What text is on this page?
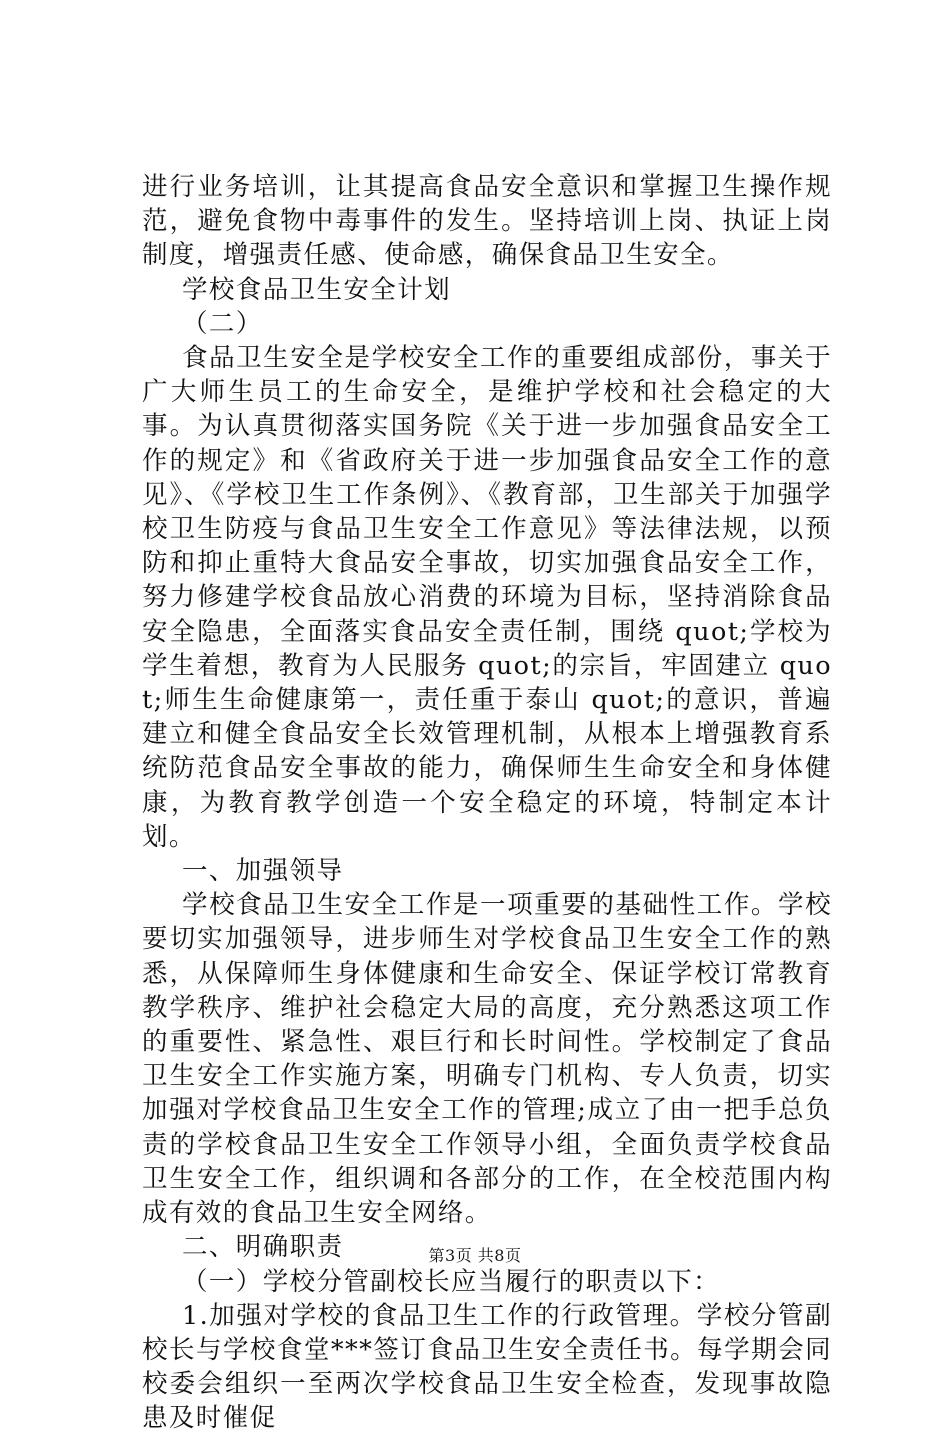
进行业务培训，让其提高食品安全意识和掌握卫生操作规范，避免食物中毒事件的发生。坚持培训上岗、执证上岗制度，增强责任感、使命感，确保食品卫生安全。

学校食品卫生安全计划

（二）

食品卫生安全是学校安全工作的重要组成部份，事关于广大师生员工的生命安全，是维护学校和社会稳定的大事。为认真贯彻落实国务院《关于进一步加强食品安全工作的规定》和《省政府关于进一步加强食品安全工作的意见》、《学校卫生工作条例》、《教育部，卫生部关于加强学校卫生防疫与食品卫生安全工作意见》等法律法规，以预防和抑止重特大食品安全事故，切实加强食品安全工作，努力修建学校食品放心消费的环境为目标，坚持消除食品安全隐患，全面落实食品安全责任制，围绕 quot;学校为学生着想，教育为人民服务 quot;的宗旨，牢固建立 quot;师生生命健康第一，责任重于泰山 quot;的意识，普遍建立和健全食品安全长效管理机制，从根本上增强教育系统防范食品安全事故的能力，确保师生生命安全和身体健康，为教育教学创造一个安全稳定的环境，特制定本计划。

一、加强领导

学校食品卫生安全工作是一项重要的基础性工作。学校要切实加强领导，进步师生对学校食品卫生安全工作的熟悉，从保障师生身体健康和生命安全、保证学校订常教育教学秩序、维护社会稳定大局的高度，充分熟悉这项工作的重要性、紧急性、艰巨行和长时间性。学校制定了食品卫生安全工作实施方案，明确专门机构、专人负责，切实加强对学校食品卫生安全工作的管理;成立了由一把手总负责的学校食品卫生安全工作领导小组，全面负责学校食品卫生安全工作，组织调和各部分的工作，在全校范围内构成有效的食品卫生安全网络。

二、明确职责

（一）学校分管副校长应当履行的职责以下：

1.加强对学校的食品卫生工作的行政管理。学校分管副校长与学校食堂***签订食品卫生安全责任书。每学期会同校委会组织一至两次学校食品卫生安全检查，发现事故隐患及时催促

第3页 共8页
